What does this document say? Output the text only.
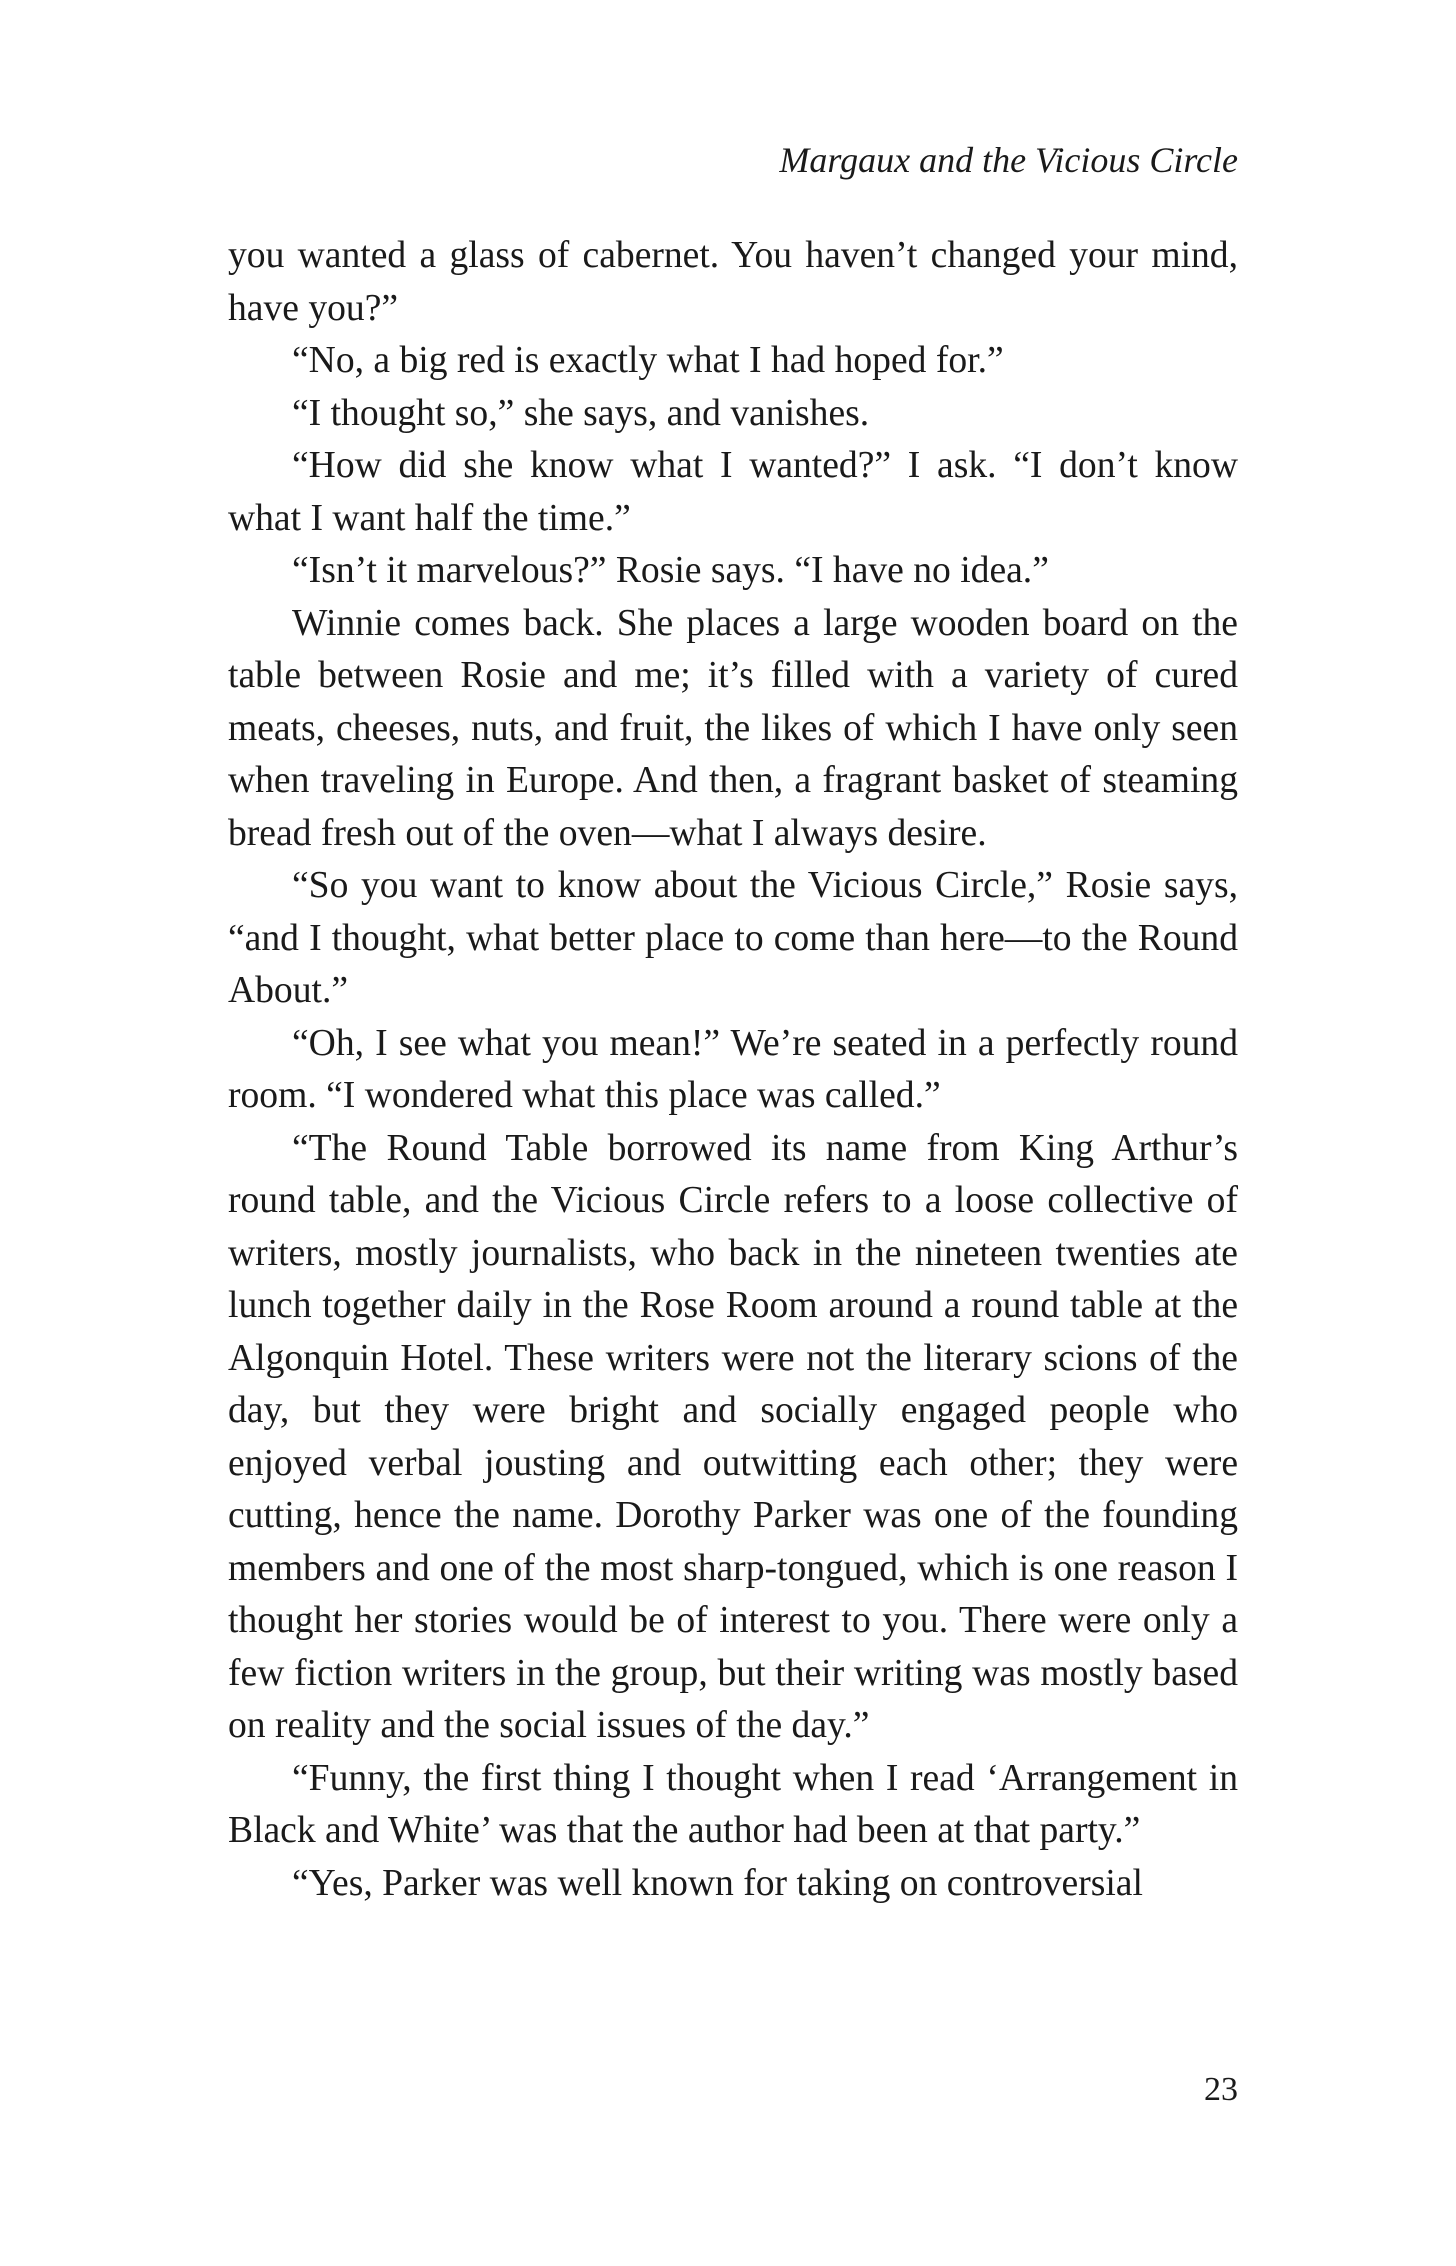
Margaux and the Vicious Circle

you wanted a glass of cabernet. You haven’t changed your mind, have you?”

“No, a big red is exactly what I had hoped for.”

“I thought so,” she says, and vanishes.

“How did she know what I wanted?” I ask. “I don’t know what I want half the time.”

“Isn’t it marvelous?” Rosie says. “I have no idea.”

Winnie comes back. She places a large wooden board on the table between Rosie and me; it’s filled with a variety of cured meats, cheeses, nuts, and fruit, the likes of which I have only seen when traveling in Europe. And then, a fragrant basket of steaming bread fresh out of the oven—what I always desire.

“So you want to know about the Vicious Circle,” Rosie says, “and I thought, what better place to come than here—to the Round About.”

“Oh, I see what you mean!” We’re seated in a perfectly round room. “I wondered what this place was called.”

“The Round Table borrowed its name from King Arthur’s round table, and the Vicious Circle refers to a loose collective of writers, mostly journalists, who back in the nineteen twenties ate lunch together daily in the Rose Room around a round table at the Algonquin Hotel. These writers were not the literary scions of the day, but they were bright and socially engaged people who enjoyed verbal jousting and outwitting each other; they were cutting, hence the name. Dorothy Parker was one of the founding members and one of the most sharp-tongued, which is one reason I thought her stories would be of interest to you. There were only a few fiction writers in the group, but their writing was mostly based on reality and the social issues of the day.”

“Funny, the first thing I thought when I read ‘Arrangement in Black and White’ was that the author had been at that party.”

“Yes, Parker was well known for taking on controversial

23
